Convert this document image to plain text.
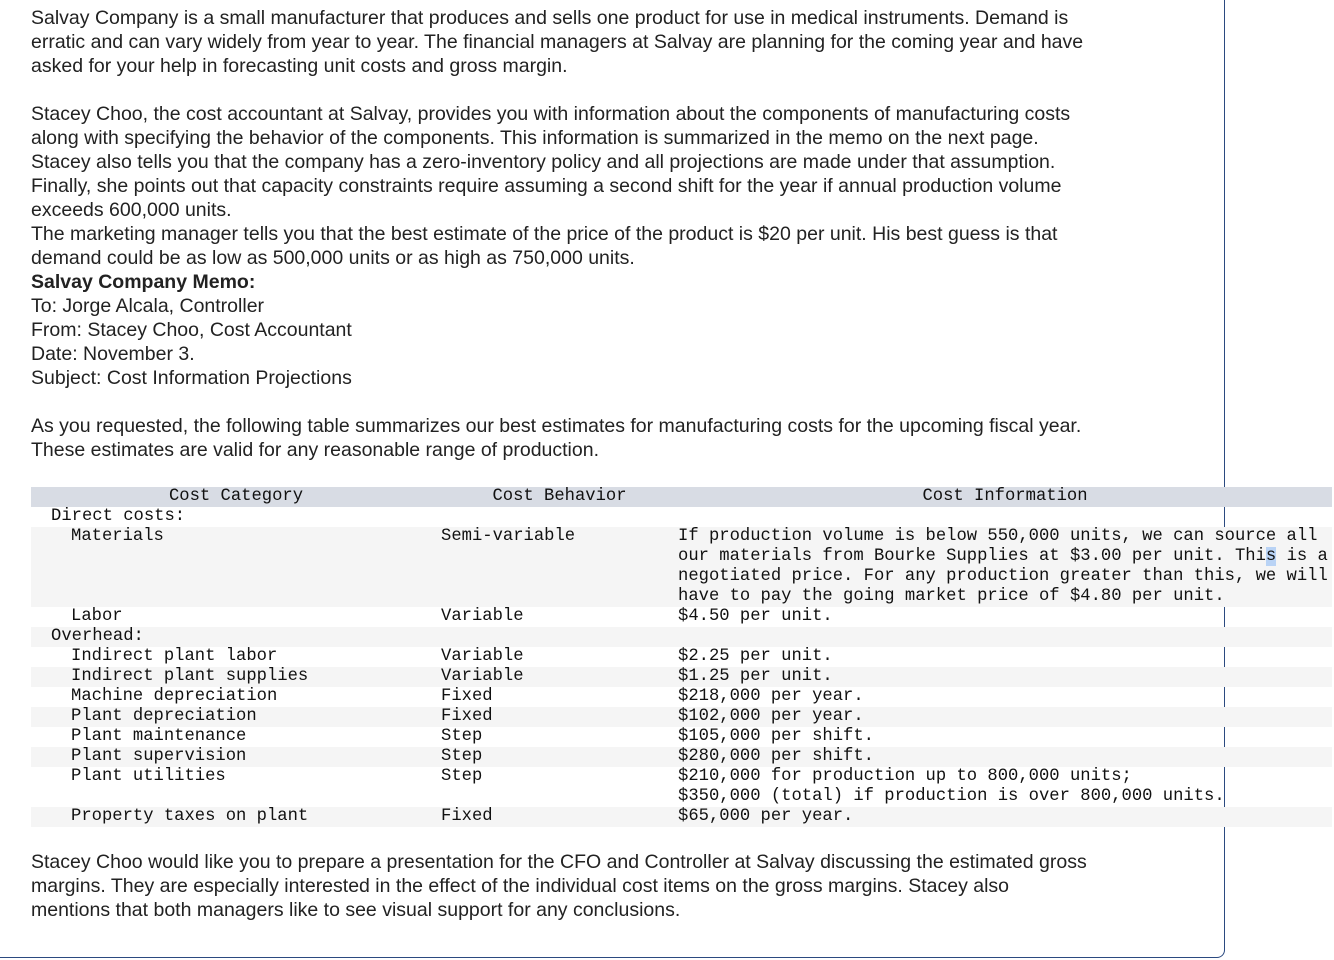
Salvay Company is a small manufacturer that produces and sells one product for use in medical instruments. Demand is
erratic and can vary widely from year to year. The financial managers at Salvay are planning for the coming year and have
asked for your help in forecasting unit costs and gross margin.
Stacey Choo, the cost accountant at Salvay, provides you with information about the components of manufacturing costs
along with specifying the behavior of the components. This information is summarized in the memo on the next page.
Stacey also tells you that the company has a zero-inventory policy and all projections are made under that assumption.
Finally, she points out that capacity constraints require assuming a second shift for the year if annual production volume
exceeds 600,000 units.
The marketing manager tells you that the best estimate of the price of the product is $20 per unit. His best guess is that
demand could be as low as 500,000 units or as high as 750,000 units.
Salvay Company Memo:
To: Jorge Alcala, Controller
From: Stacey Choo, Cost Accountant
Date: November 3.
Subject: Cost Information Projections
As you requested, the following table summarizes our best estimates for manufacturing costs for the upcoming fiscal year.
These estimates are valid for any reasonable range of production.
Cost Category	Cost Behavior	Cost Information
Direct costs:		
Materials	Semi-variable	If production volume is below 550,000 units, we can source all
our materials from Bourke Supplies at $3.00 per unit. This is a
negotiated price. For any production greater than this, we will
have to pay the going market price of $4.80 per unit.

Labor	Variable	$4.50 per unit.

Overhead:		
Indirect plant labor	Variable	$2.25 per unit.

Indirect plant supplies	Variable	$1.25 per unit.

Machine depreciation	Fixed	$218,000 per year.

Plant depreciation	Fixed	$102,000 per year.

Plant maintenance	Step	$105,000 per shift.

Plant supervision	Step	$280,000 per shift.

Plant utilities	Step	$210,000 for production up to 800,000 units;
$350,000 (total) if production is over 800,000 units.

Property taxes on plant	Fixed	$65,000 per year.
Stacey Choo would like you to prepare a presentation for the CFO and Controller at Salvay discussing the estimated gross
margins. They are especially interested in the effect of the individual cost items on the gross margins. Stacey also
mentions that both managers like to see visual support for any conclusions.
